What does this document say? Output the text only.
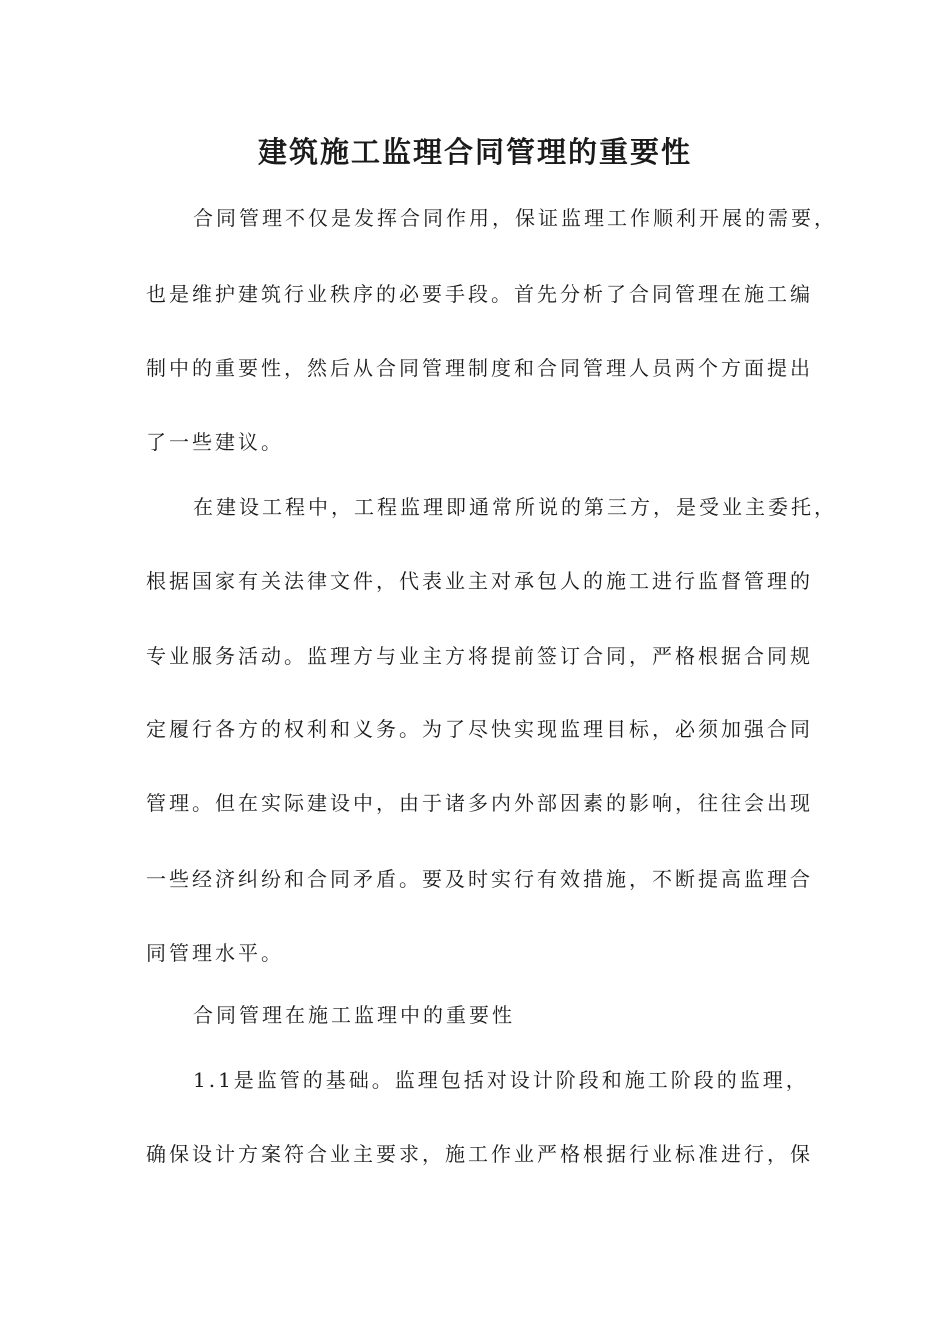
建筑施工监理合同管理的重要性

合同管理不仅是发挥合同作用，保证监理工作顺利开展的需要，

也是维护建筑行业秩序的必要手段。首先分析了合同管理在施工编

制中的重要性，然后从合同管理制度和合同管理人员两个方面提出

了一些建议。

在建设工程中，工程监理即通常所说的第三方，是受业主委托，

根据国家有关法律文件，代表业主对承包人的施工进行监督管理的

专业服务活动。监理方与业主方将提前签订合同，严格根据合同规

定履行各方的权利和义务。为了尽快实现监理目标，必须加强合同

管理。但在实际建设中，由于诸多内外部因素的影响，往往会出现

一些经济纠纷和合同矛盾。要及时实行有效措施，不断提高监理合

同管理水平。

合同管理在施工监理中的重要性

1.1是监管的基础。监理包括对设计阶段和施工阶段的监理，

确保设计方案符合业主要求，施工作业严格根据行业标准进行，保
